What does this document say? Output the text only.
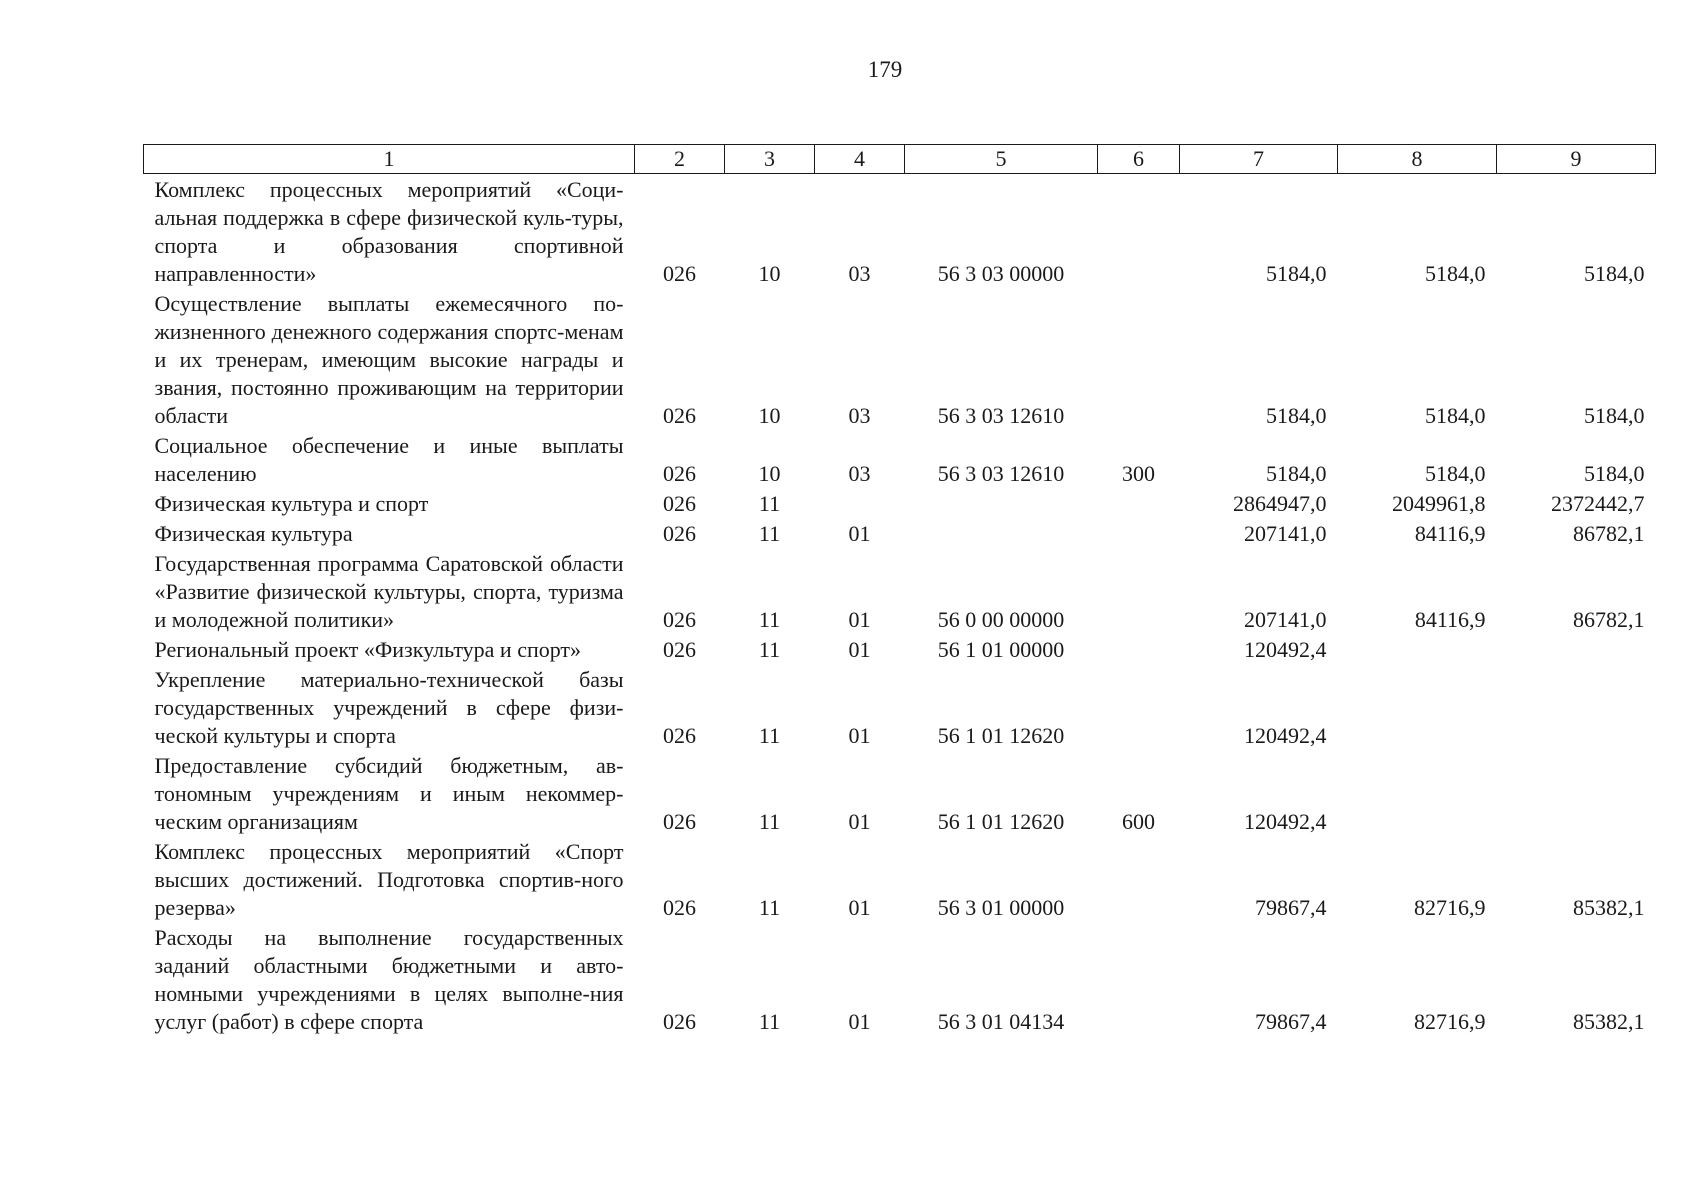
179
1	2	3	4	5	6	7	8	9
Комплекс процессных мероприятий «Соци-альная поддержка в сфере физической куль-туры, спорта и образования спортивной направленности»	026	10	03	56 3 03 00000		5184,0	5184,0	5184,0
Осуществление выплаты ежемесячного по-жизненного денежного содержания спортс-менам и их тренерам, имеющим высокие награды и звания, постоянно проживающим на территории области	026	10	03	56 3 03 12610		5184,0	5184,0	5184,0
Социальное обеспечение и иные выплаты населению	026	10	03	56 3 03 12610	300	5184,0	5184,0	5184,0
Физическая культура и спорт	026	11				2864947,0	2049961,8	2372442,7
Физическая культура	026	11	01			207141,0	84116,9	86782,1
Государственная программа Саратовской области «Развитие физической культуры, спорта, туризма и молодежной политики»	026	11	01	56 0 00 00000		207141,0	84116,9	86782,1
Региональный проект «Физкультура и спорт»	026	11	01	56 1 01 00000		120492,4		
Укрепление материально-технической базы государственных учреждений в сфере физи-ческой культуры и спорта	026	11	01	56 1 01 12620		120492,4		
Предоставление субсидий бюджетным, ав-тономным учреждениям и иным некоммер-ческим организациям	026	11	01	56 1 01 12620	600	120492,4		
Комплекс процессных мероприятий «Спорт высших достижений. Подготовка спортив-ного резерва»	026	11	01	56 3 01 00000		79867,4	82716,9	85382,1
Расходы на выполнение государственных заданий областными бюджетными и авто-номными учреждениями в целях выполне-ния услуг (работ) в сфере спорта	026	11	01	56 3 01 04134		79867,4	82716,9	85382,1
